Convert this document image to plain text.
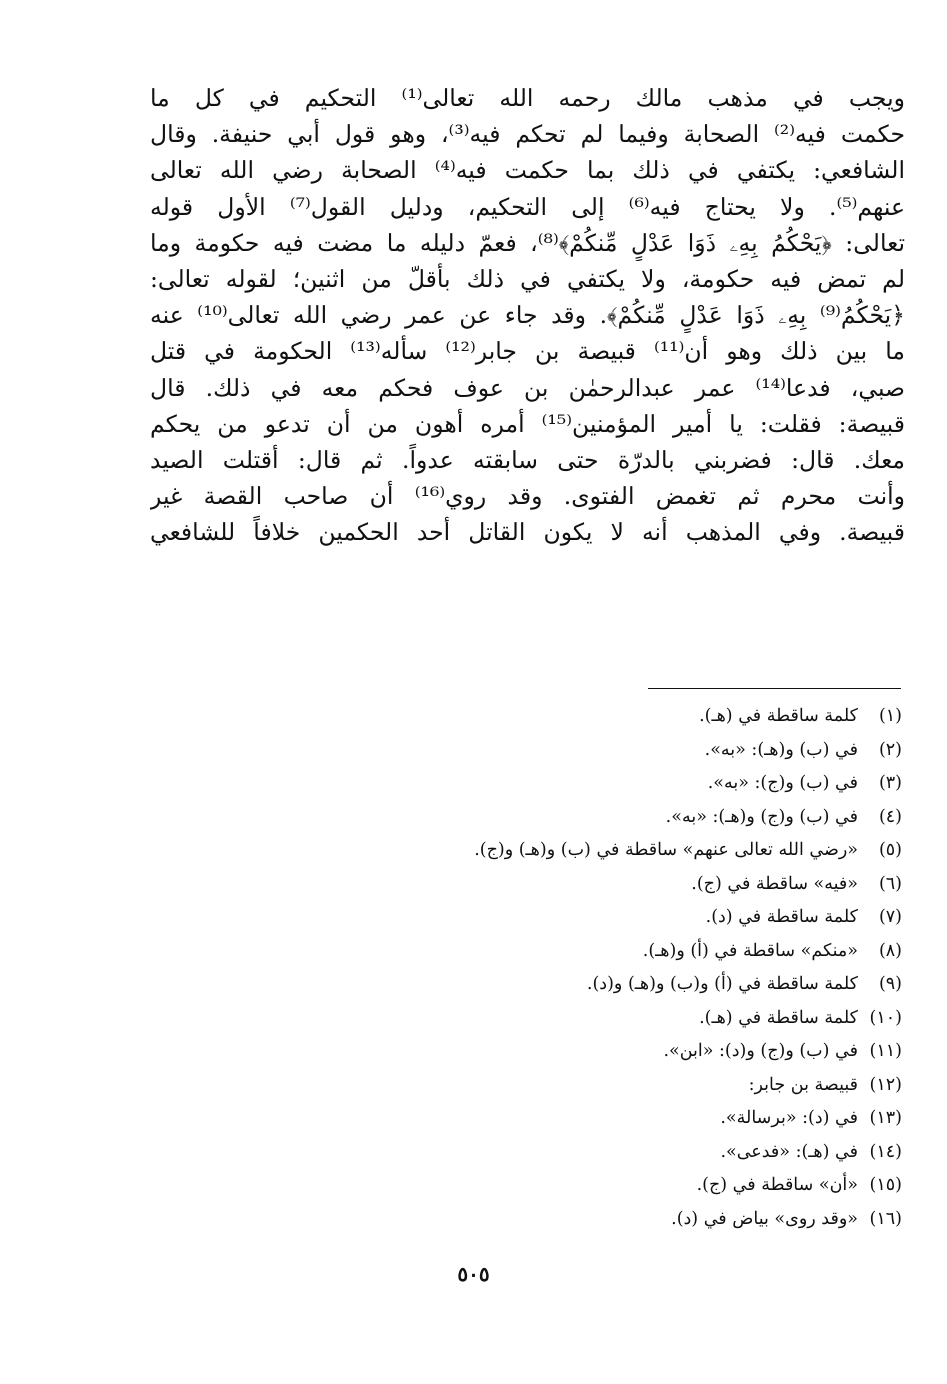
ويجب في مذهب مالك رحمه الله تعالى⁽¹⁾ التحكيم في كل ما
حكمت فيه⁽²⁾ الصحابة وفيما لم تحكم فيه⁽³⁾، وهو قول أبي حنيفة. وقال
الشافعي: يكتفي في ذلك بما حكمت فيه⁽⁴⁾ الصحابة رضي الله تعالى
عنهم⁽⁵⁾. ولا يحتاج فيه⁽⁶⁾ إلى التحكيم، ودليل القول⁽⁷⁾ الأول قوله
تعالى: ﴿يَحْكُمُ بِهِۦ ذَوَا عَدْلٍ مِّنكُمْ﴾⁽⁸⁾، فعمّ دليله ما مضت فيه حكومة وما
لم تمض فيه حكومة، ولا يكتفي في ذلك بأقلّ من اثنين؛ لقوله تعالى:
﴿يَحْكُمُ⁽⁹⁾ بِهِۦ ذَوَا عَدْلٍ مِّنكُمْ﴾. وقد جاء عن عمر رضي الله تعالى⁽¹⁰⁾ عنه
ما بين ذلك وهو أن⁽¹¹⁾ قبيصة بن جابر⁽¹²⁾ سأله⁽¹³⁾ الحكومة في قتل
صبي، فدعا⁽¹⁴⁾ عمر عبدالرحمٰن بن عوف فحكم معه في ذلك. قال
قبيصة: فقلت: يا أمير المؤمنين⁽¹⁵⁾ أمره أهون من أن تدعو من يحكم
معك. قال: فضربني بالدرّة حتى سابقته عدواً. ثم قال: أقتلت الصيد
وأنت محرم ثم تغمض الفتوى. وقد روي⁽¹⁶⁾ أن صاحب القصة غير
قبيصة. وفي المذهب أنه لا يكون القاتل أحد الحكمين خلافاً للشافعي
(١)كلمة ساقطة في (هـ).
(٢)في (ب) و(هـ): «به».
(٣)في (ب) و(ج): «به».
(٤)في (ب) و(ج) و(هـ): «به».
(٥)«رضي الله تعالى عنهم» ساقطة في (ب) و(هـ) و(ج).
(٦)«فيه» ساقطة في (ج).
(٧)كلمة ساقطة في (د).
(٨)«منكم» ساقطة في (أ) و(هـ).
(٩)كلمة ساقطة في (أ) و(ب) و(هـ) و(د).
(١٠)كلمة ساقطة في (هـ).
(١١)في (ب) و(ج) و(د): «ابن».
(١٢)قبيصة بن جابر:
(١٣)في (د): «برسالة».
(١٤)في (هـ): «فدعى».
(١٥)«أن» ساقطة في (ج).
(١٦)«وقد روى» بياض في (د).
٥٠٥
